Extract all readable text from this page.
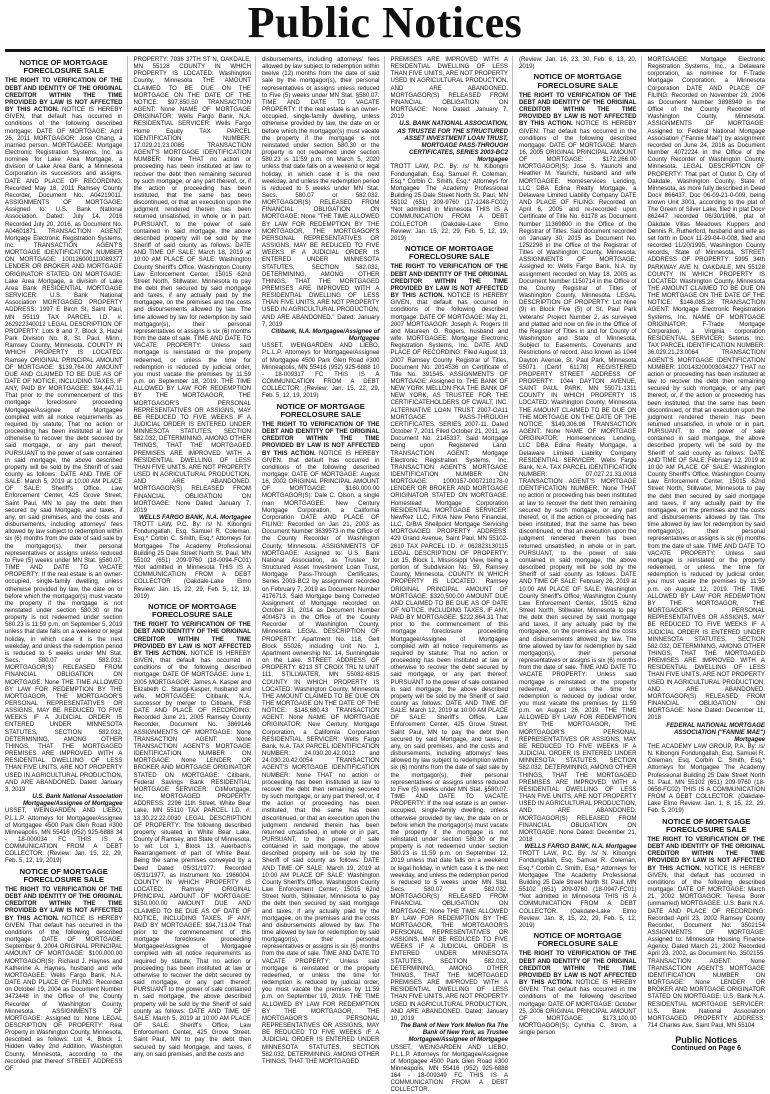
Public Notices
NOTICE OF MORTGAGE FORECLOSURE SALE

THE RIGHT TO VERIFICATION OF THE DEBT AND IDENTITY OF THE ORIGINAL CREDITOR WITHIN THE TIME PROVIDED BY LAW IS NOT AFFECTED BY THIS ACTION. NOTICE IS HEREBY GIVEN, that default has occurred in conditions of the following described mortgage: DATE OF MORTGAGE: April 26, 2011 MORTGAGOR: Jose Chang, a married person. MORTGAGEE: Mortgage Electronic Registration Systems, Inc. as nominee for Lake Area Mortgage, a division of Lake Area Bank, a Minnesota Corporation its successors and assigns. DATE AND PLACE OF RECORDING: Recorded May 18, 2011 Ramsey County Recorder, Document No. A04219011. ASSIGNMENTS OF MORTGAGE: Assigned to: U.S. Bank National Association. Dated: July 14, 2016 Recorded July 20, 2016, as Document No. A04601871. TRANSACTION AGENT: Mortgage Electronic Registration Systems, Inc. TRANSACTION AGENT'S MORTGAGE IDENTIFICATION NUMBER ON MORTGAGE: 100126000110089377 LENDER OR BROKER AND MORTGAGE ORIGINATOR STATED ON MORTGAGE: Lake Area Mortgage, a division of Lake Area Bank RESIDENTIAL MORTGAGE SERVICER: U.S. Bank National Association MORTGAGED PROPERTY ADDRESS: 1997 E Birch St, Saint Paul, MN 55119 TAX PARCEL I.D. #: 262922340012 LEGAL DESCRIPTION OF PROPERTY: Lots 8 and 7, Block 3, Hazel Park Division No. 8, St. Paul, Minn., Ramsey County, Minnesota. COUNTY IN WHICH PROPERTY IS LOCATED: Ramsey ORIGINAL PRINCIPAL AMOUNT OF MORTGAGE: $139,764.00 AMOUNT DUE AND CLAIMED TO BE DUE AS OF DATE OF NOTICE, INCLUDING TAXES, IF ANY, PAID BY MORTGAGEE: $94,447.11 That prior to the commencement of this mortgage foreclosure proceeding Mortgagee/Assignee of Mortgagee complied with all notice requirements as required by statute; That no action or proceeding has been instituted at law or otherwise to recover the debt secured by said mortgage, or any part thereof; PURSUANT to the power of sale contained in said mortgage, the above described property will be sold by the Sheriff of said county as follows: DATE AND TIME OF SALE: March 5, 2019 at 10:00 AM PLACE OF SALE: Sheriff's Office, Law Enforcement Center, 425 Grove Street, Saint Paul, MN to pay the debt then secured by said Mortgage, and taxes, if any, on said premises, and the costs and disbursements, including attorneys' fees allowed by law subject to redemption within six (6) months from the date of said sale by the mortgagor(s), their personal representatives or assigns unless reduced to Five (5) weeks under MN Stat. §580.07. TIME AND DATE TO VACATE PROPERTY: If the real estate is an owner-occupied, single-family dwelling, unless otherwise provided by law, the date on or before which the mortgagor(s) must vacate the property if the mortgage is not reinstated under section 580.30 or the property is not redeemed under section 580.23 is 11:59 p.m. on September 5, 2019 unless that date falls on a weekend or legal holiday, in which case it is the next weekday, and unless the redemption period is reduced to 5 weeks under MN Stat. Secs. 580.07 or 582.032. MORTGAGOR(S) RELEASED FROM FINANCIAL OBLIGATION ON MORTGAGE: None THE TIME ALLOWED BY LAW FOR REDEMPTION BY THE MORTGAGOR, THE MORTGAGOR'S PERSONAL REPRESENTATIVES OR ASSIGNS, MAY BE REDUCED TO FIVE WEEKS IF A JUDICIAL ORDER IS ENTERED UNDER MINNESOTA STATUTES, SECTION 582.032, DETERMINING, AMONG OTHER THINGS, THAT THE MORTGAGED PREMISES ARE IMPROVED WITH A RESIDENTIAL DWELLING OF LESS THAN FIVE UNITS, ARE NOT PROPERTY USED IN AGRICULTURAL PRODUCTION, AND ARE ABANDONED. Dated: January 3, 2019

U.S. Bank National Association Mortgagee/Assignee of Mortgagee

USSET, WEINGARDEN AND LIEBO, P.L.L.P. Attorneys for Mortgagee/Assignee of Mortgagee 4500 Park Glen Road #300 Minneapolis, MN 55416 (952) 925-6888 34 - 18-000034 FC THIS IS A COMMUNICATION FROM A DEBT COLLECTOR. (Review: Jan. 15, 22, 29, Feb. 5, 12, 19, 2019)

NOTICE OF MORTGAGE FORECLOSURE SALE

THE RIGHT TO VERIFICATION OF THE DEBT AND IDENTITY OF THE ORIGINAL CREDITOR WITHIN THE TIME PROVIDED BY LAW IS NOT AFFECTED BY THIS ACTION. NOTICE IS HEREBY GIVEN: That default has occurred in the conditions of the following described mortgage: DATE OF MORTGAGE: September 9, 2004 ORIGINAL PRINCIPAL AMOUNT OF MORTGAGE: $100,000.00 MORTGAGOR(S): Richard J. Haynes and Katherine A. Haynes, husband and wife MORTGAGEE: Wells Fargo Bank, N.A. DATE AND PLACE OF FILING: Recorded on October 19, 2004 as Document Number 3472448 in the Office of the County Recorder of Washington County, Minnesota. ASSIGNMENTS OF MORTGAGE: Assigned to: None LEGAL DESCRIPTION OF PROPERTY: Real Property in Washington County, Minnesota, described as follows: Lot 4, Block 1, Hidden Valley 2nd Addition, Washington County, Minnesota, according to the recorded plat thereof STREET ADDRESS OF

PROPERTY: 7036 37TH ST N, OAKDALE, MN 55128 COUNTY IN WHICH PROPERTY IS LOCATED: Washington County, Minnesota THE AMOUNT CLAIMED TO BE DUE ON THE MORTGAGE ON THE DATE OF THE NOTICE: $97,850.50 TRANSACTION AGENT: None NAME OF MORTGAGE ORIGINATOR: Wells Fargo Bank, N.A. RESIDENTIAL SERVICER: Wells Fargo Home Equity TAX PARCEL IDENTIFICATION NUMBER: 17.029.21.23.0085 TRANSACTION AGENT'S MORTGAGE IDENTIFICATION NUMBER: None THAT no action or proceeding has been instituted at law to recover the debt then remaining secured by such mortgage, or any part thereof, or, if the action or proceeding has been instituted, that the same has been discontinued, or that an execution upon the judgment rendered therein has been returned unsatisfied, in whole or in part. PURSUANT, to the power of sale contained in said mortgage, the above described property will be sold by the Sheriff of said county as follows: DATE AND TIME OF SALE: March 18, 2019 at 10:00 AM PLACE OF SALE: Washington County Sheriff's Office, Washington County Law Enforcement Center, 15015 62nd Street North, Stillwater, Minnesota to pay the debt then secured by said mortgage and taxes, if any actually paid by the mortgagee, on the premises and the costs and disbursements allowed by law. The time allowed by law for redemption by said mortgagor(s), their personal representatives or assigns is six (6) months from the date of sale. TIME AND DATE TO VACATE PROPERTY: Unless said mortgage is reinstated or the property redeemed, or unless the time for redemption is reduced by judicial order, you must vacate the premises by 11:59 p.m. on September 18, 2019. THE TIME ALLOWED BY LAW FOR REDEMPTION BY THE MORTGAGOR, THE MORTGAGOR'S PERSONAL REPRESENTATIVES OR ASSIGNS, MAY BE REDUCED TO FIVE WEEKS IF A JUDICIAL ORDER IS ENTERED UNDER MINNESOTA STATUTES, SECTION 582.032, DETERMINING, AMONG OTHER THINGS, THAT THE MORTGAGED PREMISES ARE IMPROVED WITH A RESIDENTIAL DWELLING OF LESS THAN FIVE UNITS, ARE NOT PROPERTY USED IN AGRICULTURAL PRODUCTION, AND ARE ABANDONED. MORTGAGOR(S) RELEASED FROM FINANCIAL OBLIGATION ON MORTGAGE: None Dated: January 7, 2019

WELLS FARGO BANK, N.A. Mortgagee

TROTT LAW, P.C. By: /s/ N. Kibongni Fondungallah, Esq. Samuel R. Coleman, Esq.* Corbin C. Smith, Esq.* Attorneys for Mortgagee The Academy Professional Building 25 Dale Street North St. Paul, MN 55102 (651) 209-9760 (18-0094-FC01) *Not admitted in Minnesota THIS IS A COMMUNICATION FROM A DEBT COLLECTOR (Oakdale-Lake Elmo Review: Jan. 15, 22, 29, Feb. 5, 12, 19, 2019)

NOTICE OF MORTGAGE FORECLOSURE SALE

THE RIGHT TO VERIFICATION OF THE DEBT AND IDENTITY OF THE ORIGINAL CREDITOR WITHIN THE TIME PROVIDED BY LAW IS NOT AFFECTED BY THIS ACTION. NOTICE IS HEREBY GIVEN, that default has occurred in conditions of the following described mortgage: DATE OF MORTGAGE: June 1, 2005 MORTGAGOR: James A. Kasper and Elizabeth C. Stangl-Kasper, husband and wife. MORTGAGEE: Citibank, N.A. successor by merger to Citibank, FSB DATE AND PLACE OF RECORDING: Recorded June 21, 2005 Ramsey County Recorder, Document No. 3869146 ASSIGNMENTS OF MORTGAGE: None TRANSACTION AGENT: None TRANSACTION AGENT'S MORTGAGE IDENTIFICATION NUMBER ON MORTGAGE: None LENDER OR BROKER AND MORTGAGE ORIGINATOR STATED ON MORTGAGE: Citibank, Federal Savings Bank RESIDENTIAL MORTGAGE SERVICER: CitiMortgage, Inc. MORTGAGED PROPERTY ADDRESS: 2296 11th Street, White Bear Lake, MN 55110 TAX PARCEL I.D. #: 13.30.22.22.0030 LEGAL DESCRIPTION OF PROPERTY: The following described property situated in White Bear Lake, County of Ramsey, and State of Minnesota, to wit: Lot 1, Block 13, Auerbach's Rearrangement of part of White Bear. Being the same premises conveyed by a Deed Dated 05/31/1977, Recorded 05/31/1977, as Instrument No. 1966004. COUNTY IN WHICH PROPERTY IS LOCATED: Ramsey ORIGINAL PRINCIPAL AMOUNT OF MORTGAGE: $150,000.00 AMOUNT DUE AND CLAIMED TO BE DUE AS OF DATE OF NOTICE, INCLUDING TAXES, IF ANY, PAID BY MORTGAGEE: $94,713.04 That prior to the commencement of this mortgage foreclosure proceeding Mortgagee/Assignee of Mortgagee complied with all notice requirements as required by statute; That no action or proceeding has been instituted at law or otherwise to recover the debt secured by said mortgage, or any part thereof; PURSUANT to the power of sale contained in said mortgage, the above described property will be sold by the Sheriff of said county as follows: DATE AND TIME OF SALE: March 5, 2019 at 10:00 AM PLACE OF SALE: Sheriff's Office, Law Enforcement Center, 425 Grove Street, Saint Paul, MN to pay the debt then secured by said Mortgage, and taxes, if any, on said premises, and the costs and

disbursements, including attorneys' fees allowed by law subject to redemption within twelve (12) months from the date of said sale by the mortgagor(s), their personal representatives or assigns unless reduced to Five (5) weeks under MN Stat. §580.07. TIME AND DATE TO VACATE PROPERTY: If the real estate is an owner-occupied, single-family dwelling, unless otherwise provided by law, the date on or before which the mortgagor(s) must vacate the property if the mortgage is not reinstated under section 580.30 or the property is not redeemed under section 580.23 is 11:59 p.m. on March 5, 2020 unless that date falls on a weekend or legal holiday, in which case it is the next weekday, and unless the redemption period is reduced to 5 weeks under MN Stat. Secs. 580.07 or 582.032. MORTGAGOR(S) RELEASED FROM FINANCIAL OBLIGATION ON MORTGAGE: None "THE TIME ALLOWED BY LAW FOR REDEMPTION BY THE MORTGAGOR, THE MORTGAGOR'S PERSONAL REPRESENTATIVES OR ASSIGNS, MAY BE REDUCED TO FIVE WEEKS IF A JUDICIAL ORDER IS ENTERED UNDER MINNESOTA STATUTES, SECTION 582.032, DETERMINING, AMONG OTHER THINGS, THAT THE MORTGAGED PREMISES ARE IMPROVED WITH A RESIDENTIAL DWELLING OF LESS THAN FIVE UNITS, ARE NOT PROPERTY USED IN AGRICULTURAL PRODUCTION, AND ARE ABANDONED." Dated: January 7, 2019

Citibank, N.A. Mortgagee/Assignee of Mortgagee

USSET, WEINGARDEN AND LIEBO, P.L.L.P. Attorneys for Mortgagee/Assignee of Mortgagee 4500 Park Glen Road #300 Minneapolis, MN 55416 (952) 925-6888 10 - 18-009317 FC THIS IS A COMMUNICATION FROM A DEBT COLLECTOR. (Review: Jan. 15, 22, 29, Feb. 5, 12, 19, 2019)

NOTICE OF MORTGAGE FORECLOSURE SALE

THE RIGHT TO VERIFICATION OF THE DEBT AND IDENTITY OF THE ORIGINAL CREDITOR WITHIN THE TIME PROVIDED BY LAW IS NOT AFFECTED BY THIS ACTION. NOTICE IS HEREBY GIVEN, that default has occurred in conditions of the following described mortgage: DATE OF MORTGAGE: August 16, 2002 ORIGINAL PRINCIPAL AMOUNT OF MORTGAGE: $160,000.00 MORTGAGOR(S): Dale C. Olson, a single man MORTGAGEE: New Century Mortgage Corporation, a California Corporation DATE AND PLACE OF FILING: Recorded on Jan 21, 2003 as Document Number 3639573 in the Office of the County Recorder of Washington County, Minnesota. ASSIGNMENTS OF MORTGAGE: Assigned to: U.S. Bank National Association, as Trustee for Structured Asset Investment Loan Trust, Mortgage Pass-Through Certificates, Series 2003-BC2 by assignment recorded on February 7, 2019 as Document Number 4176713. Said Mortgage being Corrected Assignment of Mortgage recorded on October 31, 2014 as Document Number 4004573 in the Office of the County Recorder of Washington County, Minnesota. LEGAL DESCRIPTION OF PROPERTY: Apartment No. 118, Gelt Block 55026; including Unit No. 1, Apartment ownership No. 14, Sunningdale on the Lake. STREET ADDRESS OF PROPERTY: 6213 ST CROIX TRL N UNIT 111, STILLWATER, MN 55082-6815 COUNTY IN WHICH PROPERTY IS LOCATED: Washington County, Minnesota THE AMOUNT CLAIMED TO BE DUE ON THE MORTGAGE ON THE DATE OF THE NOTICE: $145,680.43 TRANSACTION AGENT: None NAME OF MORTGAGE ORIGINATOR: New Century Mortgage Corporation, a California Corporation RESIDENTIAL SERVICER: Wells Fargo Bank, N.A. TAX PARCEL IDENTIFICATION NUMBER: 24.030.20.42.0012 and 24.030.20.42.0054 TRANSACTION AGENT'S MORTGAGE IDENTIFICATION NUMBER: None THAT no action or proceeding has been instituted at law to recover the debt then remaining secured by such mortgage, or any part thereof, or, if the action or proceeding has been instituted, that the same has been discontinued, or that an execution upon the judgment rendered therein has been returned unsatisfied, in whole or in part. PURSUANT, to the power of sale contained in said mortgage, the above described property will be sold by the Sheriff of said county as follows: DATE AND TIME OF SALE: March 19, 2019 at 10:00 AM PLACE OF SALE: Washington County Sheriff's Office, Washington County Law Enforcement Center, 15015 62nd Street North, Stillwater, Minnesota to pay the debt then secured by said mortgage and taxes, if any actually paid by the mortgagee, on the premises and the costs and disbursements allowed by law. The time allowed by law for redemption by said mortgagor(s), their personal representatives or assigns is six (6) months from the date of sale. TIME AND DATE TO VACATE PROPERTY: Unless said mortgage is reinstated or the property redeemed, or unless the time for redemption is reduced by judicial order, you must vacate the premises by 11:59 p.m. on September 19, 2019. THE TIME ALLOWED BY LAW FOR REDEMPTION BY THE MORTGAGOR, THE MORTGAGOR'S PERSONAL REPRESENTATIVES OR ASSIGNS, MAY BE REDUCED TO FIVE WEEKS IF A JUDICIAL ORDER IS ENTERED UNDER MINNESOTA STATUTES, SECTION 582.032, DETERMINING, AMONG OTHER THINGS, THAT THE MORTGAGED

PREMISES ARE IMPROVED WITH A RESIDENTIAL DWELLING OF LESS THAN FIVE UNITS, ARE NOT PROPERTY USED IN AGRICULTURAL PRODUCTION, AND ARE ABANDONED. MORTGAGOR(S) RELEASED FROM FINANCIAL OBLIGATION ON MORTGAGE: None Dated: January 7, 2019

U.S. BANK NATIONAL ASSOCIATION, AS TRUSTEE FOR THE STRUCTURED ASSET INVESTMENT LOAN TRUST, MORTGAGE PASS-THROUGH CERTIFICATES, SERIES 2003-BC2 Mortgagee

TROTT LAW, P.C. By: /s/ N. Kibongni Fondungallah, Esq. Samuel R. Coleman, Esq.* Corbin C. Smith, Esq.* Attorneys for Mortgagee The Academy Professional Building 25 Dale Street North St. Paul, MN 55102 (651) 209-9760 (17-1248-FC02) *Not admitted in Minnesota THIS IS A COMMUNICATION FROM A DEBT COLLECTOR (Oakdale-Lake Elmo Review: Jan. 15, 22, 29, Feb. 5, 12, 19, 2019)

NOTICE OF MORTGAGE FORECLOSURE SALE

THE RIGHT TO VERIFICATION OF THE DEBT AND IDENTITY OF THE ORIGINAL CREDITOR WITHIN THE TIME PROVIDED BY LAW IS NOT AFFECTED BY THIS ACTION. NOTICE IS HEREBY GIVEN, that default has occurred in conditions of the following described mortgage: DATE OF MORTGAGE: May 21, 2007 MORTGAGOR: Joseph A. Rogers III and Maureen O. Rogers, husband and wife. MORTGAGEE: Mortgage Electronic Registration Systems, Inc. DATE AND PLACE OF RECORDING: Filed August 13, 2007 Ramsey County Registrar of Titles, Document No. 2014536 on Certificate of Title No. 391545. ASSIGNMENTS OF MORTGAGE: Assigned to: THE BANK OF NEW YORK MELLON FKA THE BANK OF NEW YORK, AS TRUSTEE FOR THE CERTIFICATEHOLDERS OF CWALT, INC. ALTERNATIVE LOAN TRUST 2007-OA11 MORTGAGE PASS-THROUGH CERTIFICATES, SERIES 2007-11. Dated October 7, 2011 Filed October 21, 2011, as Document No. 2145337. Said Mortgage being upon Registered Land. TRANSACTION AGENT: Mortgage Electronic Registration Systems, Inc. TRANSACTION AGENT'S MORTGAGE IDENTIFICATION NUMBER ON MORTGAGE: 1000157-0007210178-0 LENDER OR BROKER AND MORTGAGE ORIGINATOR STATED ON MORTGAGE: Homestead Mortgage Corporation RESIDENTIAL MORTGAGE SERVICER: NewRez LLC, F/K/A New Penn Financial, LLC, D/B/A Shellpoint Mortgage Servicing MORTGAGED PROPERTY ADDRESS: 429 Grand Avenue, Saint Paul, MN 55102-2610 TAX PARCEL I.D. #: 062823130115 LEGAL DESCRIPTION OF PROPERTY: Lot 15, Block 1, Mississippi View, being a portion of Subdivision No. 59, Ramsey County, Minnesota. COUNTY IN WHICH PROPERTY IS LOCATED: Ramsey ORIGINAL PRINCIPAL AMOUNT OF MORTGAGE: $320,500.00 AMOUNT DUE AND CLAIMED TO BE DUE AS OF DATE OF NOTICE, INCLUDING TAXES, IF ANY, PAID BY MORTGAGEE: $222,864.31 That prior to the commencement of this mortgage foreclosure proceeding Mortgagee/Assignee of Mortgagee complied with all notice requirements as required by statute; That no action or proceeding has been instituted at law or otherwise to recover the debt secured by said mortgage, or any part thereof; PURSUANT to the power of sale contained in said mortgage, the above described property will be sold by the Sheriff of said county as follows: DATE AND TIME OF SALE: March 12, 2019 at 10:00 AM PLACE OF SALE: Sheriff's Office, Law Enforcement Center, 425 Grove Street, Saint Paul, MN to pay the debt then secured by said Mortgage, and taxes, if any, on said premises, and the costs and disbursements, including attorneys' fees allowed by law subject to redemption within six (6) months from the date of said sale by the mortgagor(s), their personal representatives or assigns unless reduced to Five (5) weeks under MN Stat. §580.07. TIME AND DATE TO VACATE PROPERTY: If the real estate is an owner-occupied, single-family dwelling, unless otherwise provided by law, the date on or before which the mortgagor(s) must vacate the property if the mortgage is not reinstated under section 580.30 or the property is not redeemed under section 580.23 is 11:59 p.m. on September 12, 2019 unless that date falls on a weekend or legal holiday, in which case it is the next weekday, and unless the redemption period is reduced to 5 weeks under MN Stat. Secs. 580.07 or 582.032. MORTGAGOR(S) RELEASED FROM FINANCIAL OBLIGATION ON MORTGAGE: None THE TIME ALLOWED BY LAW FOR REDEMPTION BY THE MORTGAGOR, THE MORTGAGOR'S PERSONAL REPRESENTATIVES OR ASSIGNS, MAY BE REDUCED TO FIVE WEEKS IF A JUDICIAL ORDER IS ENTERED UNDER MINNESOTA STATUTES, SECTION 582.032, DETERMINING, AMONG OTHER THINGS, THAT THE MORTGAGED PREMISES ARE IMPROVED WITH A RESIDENTIAL DWELLING OF LESS THAN FIVE UNITS, ARE NOT PROPERTY USED IN AGRICULTURAL PRODUCTION, AND ARE ABANDONED. Dated: January 10, 2019

The Bank of New York Mellon fka The Bank of New York, as Trustee Mortgagee/Assignee of Mortgagee

USSET, WEINGARDEN AND LIEBO, P.L.L.P. Attorneys for Mortgagee/Assignee of Mortgagee 4500 Park Glen Road #300 Minneapolis, MN 55416 (952) 925-6888 164 - 18-009349 FC THIS IS A COMMUNICATION FROM A DEBT COLLECTOR.

(Review: Jan. 16, 23, 30, Feb. 6, 13, 20, 2019)

NOTICE OF MORTGAGE FORECLOSURE SALE

THE RIGHT TO VERIFICATION OF THE DEBT AND IDENTITY OF THE ORIGINAL CREDITOR WITHIN THE TIME PROVIDED BY LAW IS NOT AFFECTED BY THIS ACTION. NOTICE IS HEREBY GIVEN: That default has occurred in the conditions of the following described mortgage: DATE OF MORTGAGE: March 16, 2005 ORIGINAL PRINCIPAL AMOUNT OF MORTGAGE: $172,266.00 MORTGAGOR(S): Jose S. Yaurichi and Heather M. Yaurichi, husband and wife MORTGAGEE: Homeservices Lending, LLC DBA Edina Realty Mortgage, a Delaware Limited Liability Company DATE AND PLACE OF FILING: Recorded on April 6, 2005 and re-recorded upon Certificate of Title No. 61178 as Document Number 11369800 in the Office of the Registrar of Titles. Said document recorded on January 30, 2015 as Document No. 1252298 in the Office of the Registrar of Titles of Washington County, Minnesota. ASSIGNMENTS OF MORTGAGE: Assigned to: Wells Fargo Bank, N.A. by assignment recorded on May 18, 2005 as Document Number 1150714 in the Office of the County Registrar of Titles of Washington County, Minnesota. LEGAL DESCRIPTION OF PROPERTY: Lot Nine (9) in Block Five (5) of St. Paul Park Veterans' Project Number 2, as surveyed and platted and now on file in the Office of the Register of Titles in and for County of Washington and State of Minnesota. Subject to: Easements, Covenants and Restrictions of record. Also known as 1044 Dayton Avenue, St. Paul Park, Minnesota 55071 (Certif 61178) REGISTERED PROPERTY STREET ADDRESS OF PROPERTY: 1044 DAYTON AVENUE, SAINT PAUL PARK, MN 55071-1311 COUNTY IN WHICH PROPERTY IS LOCATED: Washington County, Minnesota THE AMOUNT CLAIMED TO BE DUE ON THE MORTGAGE ON THE DATE OF THE NOTICE: $149,306.98 TRANSACTION AGENT: None NAME OF MORTGAGE ORIGINATOR: Homeservices Lending, LLC DBA Edina Realty Mortgage, a Delaware Limited Liability Company RESIDENTIAL SERVICER: Wells Fargo Bank, N.A. TAX PARCEL IDENTIFICATION NUMBER: 07.027.21.33.0018 TRANSACTION AGENT'S MORTGAGE IDENTIFICATION NUMBER: None THAT no action or proceeding has been instituted at law to recover the debt then remaining secured by such mortgage, or any part thereof, or, if the action or proceeding has been instituted, that the same has been discontinued, or that an execution upon the judgment rendered therein has been returned unsatisfied, in whole or in part. PURSUANT, to the power of sale contained in said mortgage, the above described property will be sold by the Sheriff of said county as follows: DATE AND TIME OF SALE: February 26, 2019 at 10:00 AM PLACE OF SALE: Washington County Sheriff's Office, Washington County Law Enforcement Center, 15015 62nd Street North, Stillwater, Minnesota to pay the debt then secured by said mortgage and taxes, if any actually paid by the mortgagee, on the premises and the costs and disbursements allowed by law. The time allowed by law for redemption by said mortgagor(s), their personal representatives or assigns is six (6) months from the date of sale. TIME AND DATE TO VACATE PROPERTY: Unless said mortgage is reinstated or the property redeemed, or unless the time for redemption is reduced by judicial order, you must vacate the premises by 11:59 p.m. on August 26, 2019. THE TIME ALLOWED BY LAW FOR REDEMPTION BY THE MORTGAGOR, THE MORTGAGOR'S PERSONAL REPRESENTATIVES OR ASSIGNS, MAY BE REDUCED TO FIVE WEEKS IF A JUDICIAL ORDER IS ENTERED UNDER MINNESOTA STATUTES, SECTION 582.032, DETERMINING, AMONG OTHER THINGS, THAT THE MORTGAGED PREMISES ARE IMPROVED WITH A RESIDENTIAL DWELLING OF LESS THAN FIVE UNITS, ARE NOT PROPERTY USED IN AGRICULTURAL PRODUCTION, AND ARE ABANDONED. MORTGAGOR(S) RELEASED FROM FINANCIAL OBLIGATION ON MORTGAGE: None Dated: December 21, 2018

WELLS FARGO BANK, N.A. Mortgagee

TROTT LAW, P.C. By: /s/ N. Kibongni Fondungallah, Esq. Samuel R. Coleman, Esq.* Corbin C. Smith, Esq.* Attorneys for Mortgagee The Academy Professional Building 25 Dale Street North St. Paul, MN 55102 (651) 209-9760 (18-0947-FC01) *Not admitted in Minnesota THIS IS A COMMUNICATION FROM A DEBT COLLECTOR. (Oakdale-Lake Elmo Review: Jan. 8, 15, 22, 29, Feb. 5, 12, 2019)

NOTICE OF MORTGAGE FORECLOSURE SALE

THE RIGHT TO VERIFICATION OF THE DEBT AND IDENTITY OF THE ORIGINAL CREDITOR WITHIN THE TIME PROVIDED BY LAW IS NOT AFFECTED BY THIS ACTION. NOTICE IS HEREBY GIVEN: That default has occurred in the conditions of the following described mortgage: DATE OF MORTGAGE: October 25, 2006 ORIGINAL PRINCIPAL AMOUNT OF MORTGAGE: $173,100.00 MORTGAGOR(S): Cynthia C. Strom, a single person

MORTGAGEE: Mortgage Electronic Registration Systems, Inc., a Delaware corporation, as nominee for F-Trade Mortgage Corporation, a Minnesota Corporation DATE AND PLACE OF FILING: Recorded on November 29, 2006 as Document Number 3898949 in the Office of the County Recorder of Washington County, Minnesota. ASSIGNMENTS OF MORTGAGE: Assigned to: Federal National Mortgage Association ("Fannie Mae") by assignment recorded on June 24, 2016 as Document Number 4072224 in the Office of the County Recorder of Washington County, Minnesota. LEGAL DESCRIPTION OF PROPERTY: That part of Outlot D, City of Oakdale, Washington County, State of Minnesota, as more fully described in Deed Doc# 866437, Doc 06-09-21-0-009, being known Unit 3001, according to the plat of The Green of Silver Lake, filed in plat Doc# 862447 recorded 06/30/1996, plat of Oakdale Villas Meadows Kuppers and Dennis R. Rutherford, husband and wife as set forth in Doc# 11-29-04-0-008, filed and recorded 11/20/1995, Washington County records, State of Minnesota. STREET ADDRESS OF PROPERTY: 5995 34th PARKWAY AVE N, OAKDALE, MN 55128 COUNTY IN WHICH PROPERTY IS LOCATED: Washington County, Minnesota THE AMOUNT CLAIMED TO BE DUE ON THE MORTGAGE ON THE DATE OF THE NOTICE: $146,085.28 TRANSACTION AGENT: Mortgage Electronic Registration Systems, Inc. NAME OF MORTGAGE ORIGINATOR: F-Trade Mortgage Corporation, a Virginia corporation RESIDENTIAL SERVICER: Seterus, Inc. TAX PARCEL IDENTIFICATION NUMBER: 36.029.21.23.0064 TRANSACTION AGENT'S MORTGAGE IDENTIFICATION NUMBER: 100143200003034327 THAT no action or proceeding has been instituted at law to recover the debt then remaining secured by such mortgage, or any part thereof, or, if the action or proceeding has been instituted, that the same has been discontinued, or that an execution upon the judgment rendered therein has been returned unsatisfied, in whole or in part. PURSUANT, to the power of sale contained in said mortgage, the above described property will be sold by the Sheriff of said county as follows: DATE AND TIME OF SALE: February 12, 2019 at 10:00 AM PLACE OF SALE: Washington County Sheriff's Office, Washington County Law Enforcement Center, 15015 62nd Street North, Stillwater, Minnesota to pay the debt then secured by said mortgage and taxes, if any actually paid by the mortgagee, on the premises and the costs and disbursements allowed by law. The time allowed by law for redemption by said mortgagor(s), their personal representatives or assigns is six (6) months from the date of sale. TIME AND DATE TO VACATE PROPERTY: Unless said mortgage is reinstated or the property redeemed, or unless the time for redemption is reduced by judicial order, you must vacate the premises by 11:59 p.m. on August 12, 2019. THE TIME ALLOWED BY LAW FOR REDEMPTION BY THE MORTGAGOR, THE MORTGAGOR'S PERSONAL REPRESENTATIVES OR ASSIGNS, MAY BE REDUCED TO FIVE WEEKS IF A JUDICIAL ORDER IS ENTERED UNDER MINNESOTA STATUTES, SECTION 582.032, DETERMINING, AMONG OTHER THINGS, THAT THE MORTGAGED PREMISES ARE IMPROVED WITH A RESIDENTIAL DWELLING OF LESS THAN FIVE UNITS, ARE NOT PROPERTY USED IN AGRICULTURAL PRODUCTION, AND ARE ABANDONED. MORTGAGOR(S) RELEASED FROM FINANCIAL OBLIGATION ON MORTGAGE: None Dated: December 11, 2018

FEDERAL NATIONAL MORTGAGE ASSOCIATION ("FANNIE MAE") Mortgagee

THE ACADEMY LAW GROUP, P.A. By: /s/ N. Kibongni Fondungallah, Esq. Samuel R. Coleman, Esq. Corbin C. Smith, Esq.* Attorneys for Mortgagee The Academy Professional Building 25 Dale Street North St. Paul, MN 55102 (651) 209-9760 (18-0658-FC02) THIS IS A COMMUNICATION FROM A DEBT COLLECTOR. (Oakdale-Lake Elmo Review: Jan. 1, 8, 15, 22, 29, Feb. 5, 2019)

NOTICE OF MORTGAGE FORECLOSURE SALE

THE RIGHT TO VERIFICATION OF THE DEBT AND IDENTITY OF THE ORIGINAL CREDITOR WITHIN THE TIME PROVIDED BY LAW IS NOT AFFECTED BY THIS ACTION. NOTICE IS HEREBY GIVEN, that default has occurred in conditions of the following described mortgage: DATE OF MORTGAGE: March 21, 2002 MORTGAGOR: Teresa Borer (unmarried) MORTGAGEE: U.S. Bank N.A. DATE AND PLACE OF RECORDING: Recorded April 23, 2002 Ramsey County Recorder, Document No. 3502154 ASSIGNMENTS OF MORTGAGE: Assigned to: Minnesota Housing Finance Agency. Dated March 21, 2002 Recorded April 23, 2002, as Document No. 3502155. TRANSACTION AGENT: None TRANSACTION AGENT'S MORTGAGE IDENTIFICATION NUMBER ON MORTGAGE: None LENDER OR BROKER AND MORTGAGE ORIGINATOR STATED ON MORTGAGE: U.S. Bank N.A. RESIDENTIAL MORTGAGE SERVICER: U.S. Bank National Association MORTGAGED PROPERTY ADDRESS: 714 Charles Ave, Saint Paul, MN 55104

Public Notices
Continued on Page 6
